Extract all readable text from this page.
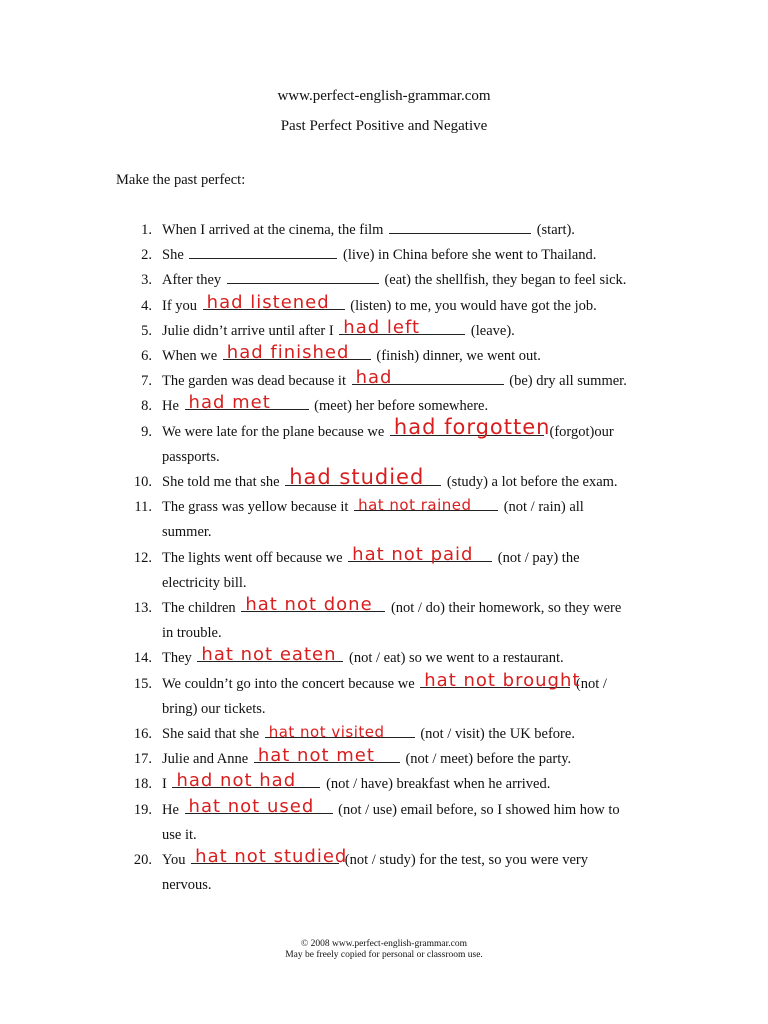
www.perfect-english-grammar.com
Past Perfect Positive and Negative
Make the past perfect:
1. When I arrived at the cinema, the film	(start).
2. She	(live) in China before she went to Thailand.
3. After they	(eat) the shellfish, they began to feel sick.
4. If you had listened (listen) to me, you would have got the job.
5. Julie didn’t arrive until after I had left	(leave).
6. When we had finished (finish) dinner, we went out.
7. The garden was dead because it had	(be) dry all summer.
8. He had met	(meet) her before somewhere.
9. We were late for the plane because we had forgotten (forgot)our
passports.
10. She told me that she had studied (study) a lot before the exam.
11. The grass was yellow because it hat not rained (not / rain) all
summer.
12. The lights went off because we hat not paid (not / pay) the
electricity bill.
13. The children hat not done (not / do) their homework, so they were
in trouble.
14. They hat not eaten (not / eat) so we went to a restaurant.
15. We couldn’t go into the concert because we hat not brought
(not /
bring) our tickets.
16. She said that she hat not visited (not / visit) the UK before.
17. Julie and Anne hat not met (not / meet) before the party.
18. I had not had (not / have) breakfast when he arrived.
19. He hat not used (not / use) email before, so I showed him how to
use it.
20. You hat not studied
(not / study) for the test, so you were very
nervous.
© 2008 www.perfect-english-grammar.com
May be freely copied for personal or classroom use.
